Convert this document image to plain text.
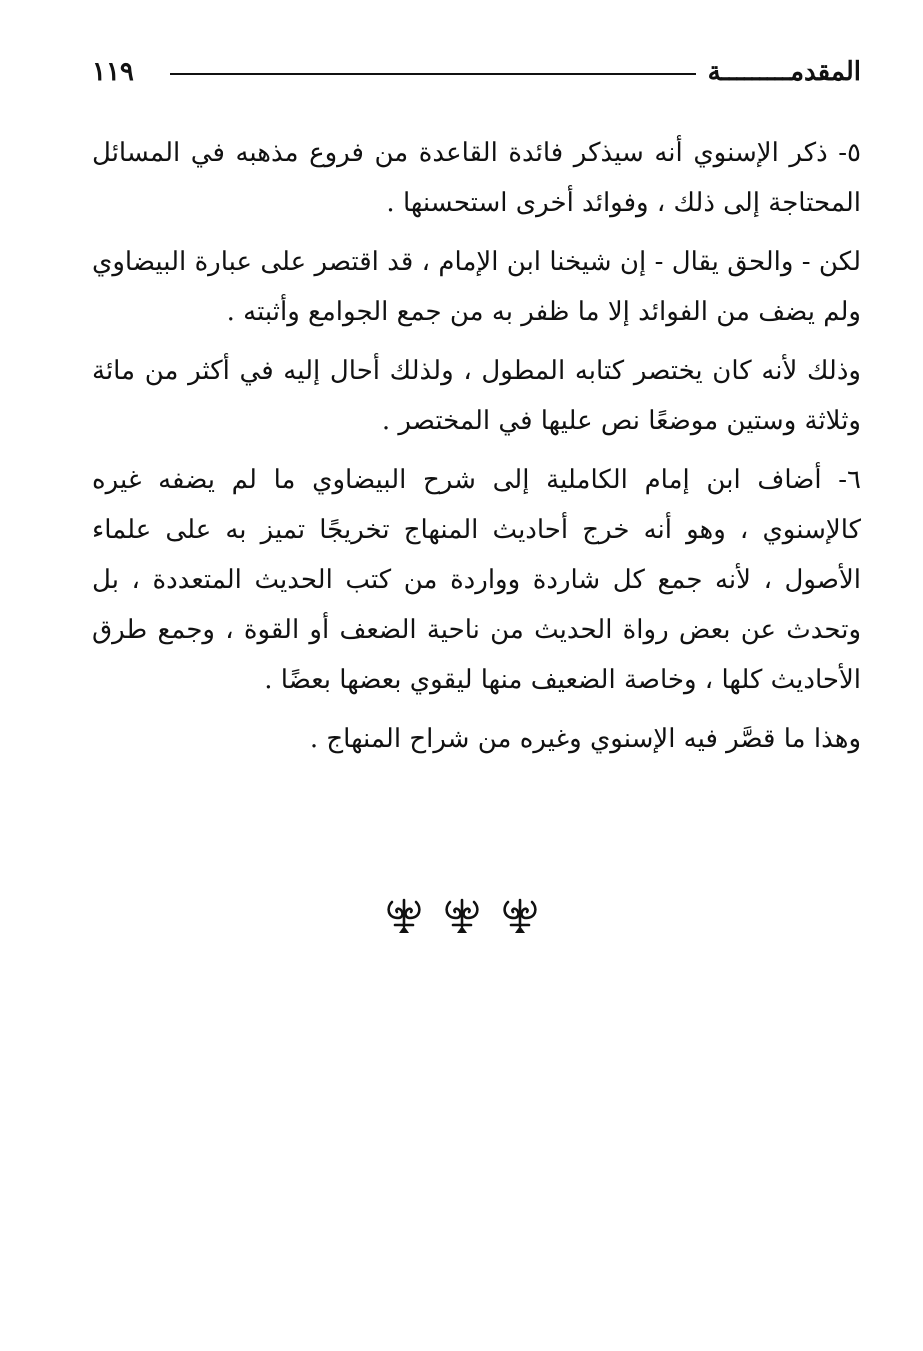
المقدمـــــــــة
١١٩

٥- ذكر الإسنوي أنه سيذكر فائدة القاعدة من فروع مذهبه في المسائل المحتاجة إلى ذلك ، وفوائد أخرى استحسنها .

لكن - والحق يقال - إن شيخنا ابن الإمام ، قد اقتصر على عبارة البيضاوي ولم يضف من الفوائد إلا ما ظفر به من جمع الجوامع وأثبته .

وذلك لأنه كان يختصر كتابه المطول ، ولذلك أحال إليه في أكثر من مائة وثلاثة وستين موضعًا نص عليها في المختصر .

٦- أضاف ابن إمام الكاملية إلى شرح البيضاوي ما لم يضفه غيره كالإسنوي ، وهو أنه خرج أحاديث المنهاج تخريجًا تميز به على علماء الأصول ، لأنه جمع كل شاردة وواردة من كتب الحديث المتعددة ، بل وتحدث عن بعض رواة الحديث من ناحية الضعف أو القوة ، وجمع طرق الأحاديث كلها ، وخاصة الضعيف منها ليقوي بعضها بعضًا .

وهذا ما قصَّر فيه الإسنوي وغيره من شراح المنهاج .
